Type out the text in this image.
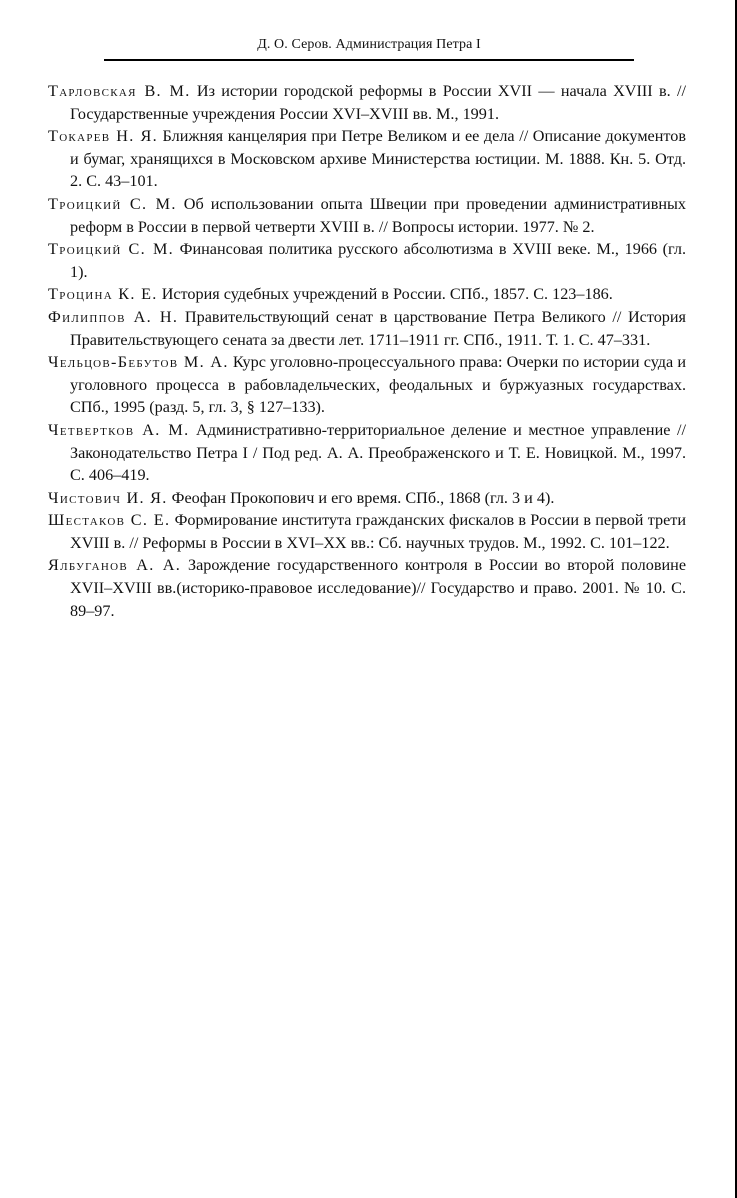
Д. О. Серов. Администрация Петра I

Тарловская В. М. Из истории городской реформы в России XVII — начала XVIII в. // Государственные учреждения России XVI–XVIII вв. М., 1991.

Токарев Н. Я. Ближняя канцелярия при Петре Великом и ее дела // Описание документов и бумаг, хранящихся в Московском архиве Министерства юстиции. М. 1888. Кн. 5. Отд. 2. С. 43–101.

Троицкий С. М. Об использовании опыта Швеции при проведении административных реформ в России в первой четверти XVIII в. // Вопросы истории. 1977. № 2.

Троицкий С. М. Финансовая политика русского абсолютизма в XVIII веке. М., 1966 (гл. 1).

Троцина К. Е. История судебных учреждений в России. СПб., 1857. С. 123–186.

Филиппов А. Н. Правительствующий сенат в царствование Петра Великого // История Правительствующего сената за двести лет. 1711–1911 гг. СПб., 1911. Т. 1. С. 47–331.

Чельцов-Бебутов М. А. Курс уголовно-процессуального права: Очерки по истории суда и уголовного процесса в рабовладельческих, феодальных и буржуазных государствах. СПб., 1995 (разд. 5, гл. 3, § 127–133).

Четвертков А. М. Административно-территориальное деление и местное управление // Законодательство Петра I / Под ред. А. А. Преображенского и Т. Е. Новицкой. М., 1997. С. 406–419.

Чистович И. Я. Феофан Прокопович и его время. СПб., 1868 (гл. 3 и 4).

Шестаков С. Е. Формирование института гражданских фискалов в России в первой трети XVIII в. // Реформы в России в XVI–XX вв.: Сб. научных трудов. М., 1992. С. 101–122.

Ялбуганов А. А. Зарождение государственного контроля в России во второй половине XVII–XVIII вв.(историко-правовое исследование)// Государство и право. 2001. № 10. С. 89–97.
